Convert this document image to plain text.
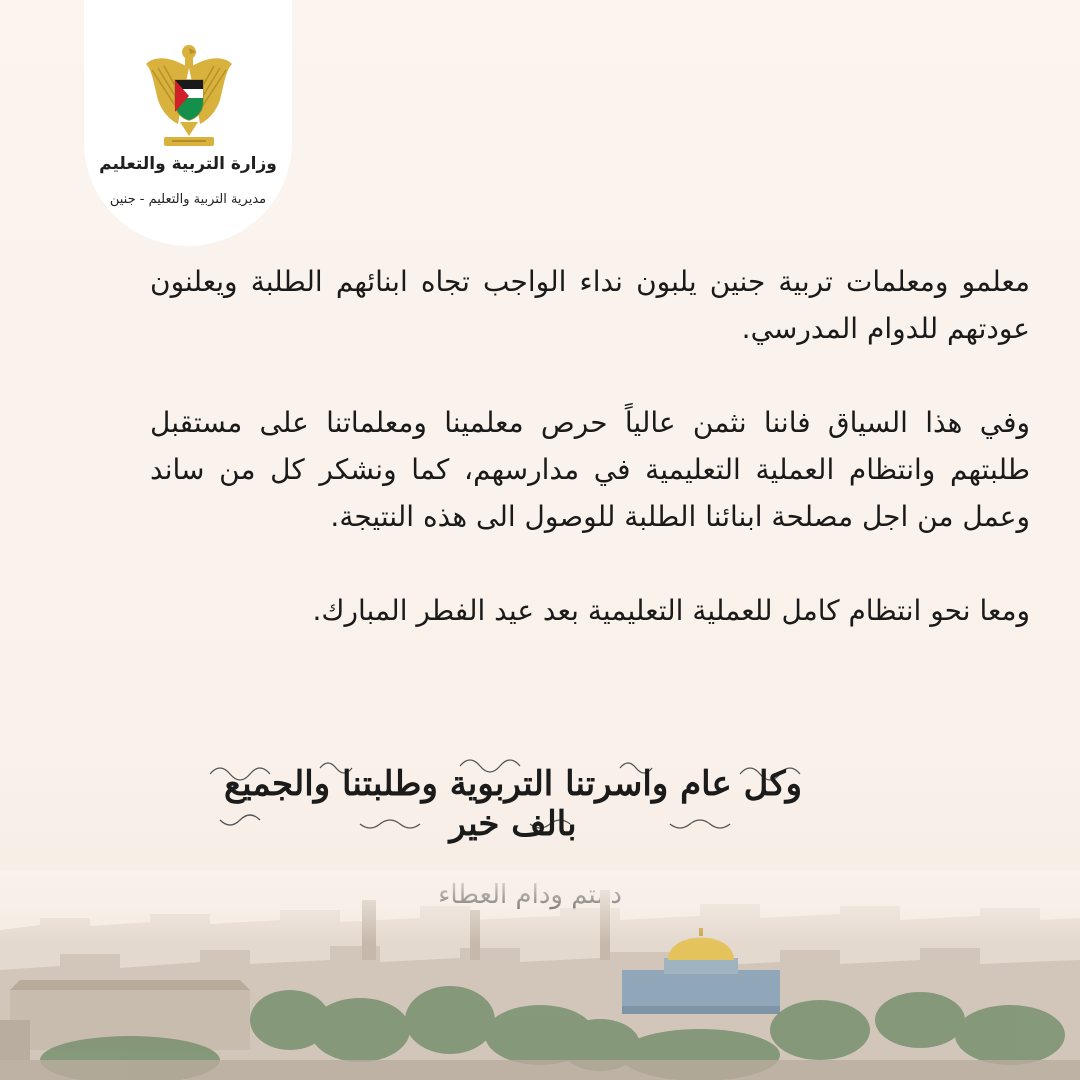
وزارة التربية والتعليم
مديرية التربية والتعليم - جنين

معلمو ومعلمات تربية جنين يلبون نداء الواجب تجاه ابنائهم الطلبة ويعلنون عودتهم للدوام المدرسي.

وفي هذا السياق فاننا نثمن عالياً حرص معلمينا ومعلماتنا على مستقبل طلبتهم وانتظام العملية التعليمية في مدارسهم، كما ونشكر كل من ساند وعمل من اجل مصلحة ابنائنا الطلبة للوصول الى هذه النتيجة.

ومعا نحو انتظام كامل للعملية التعليمية بعد عيد الفطر المبارك.

وكل عام واسرتنا التربوية وطلبتنا والجميع بالف خير
